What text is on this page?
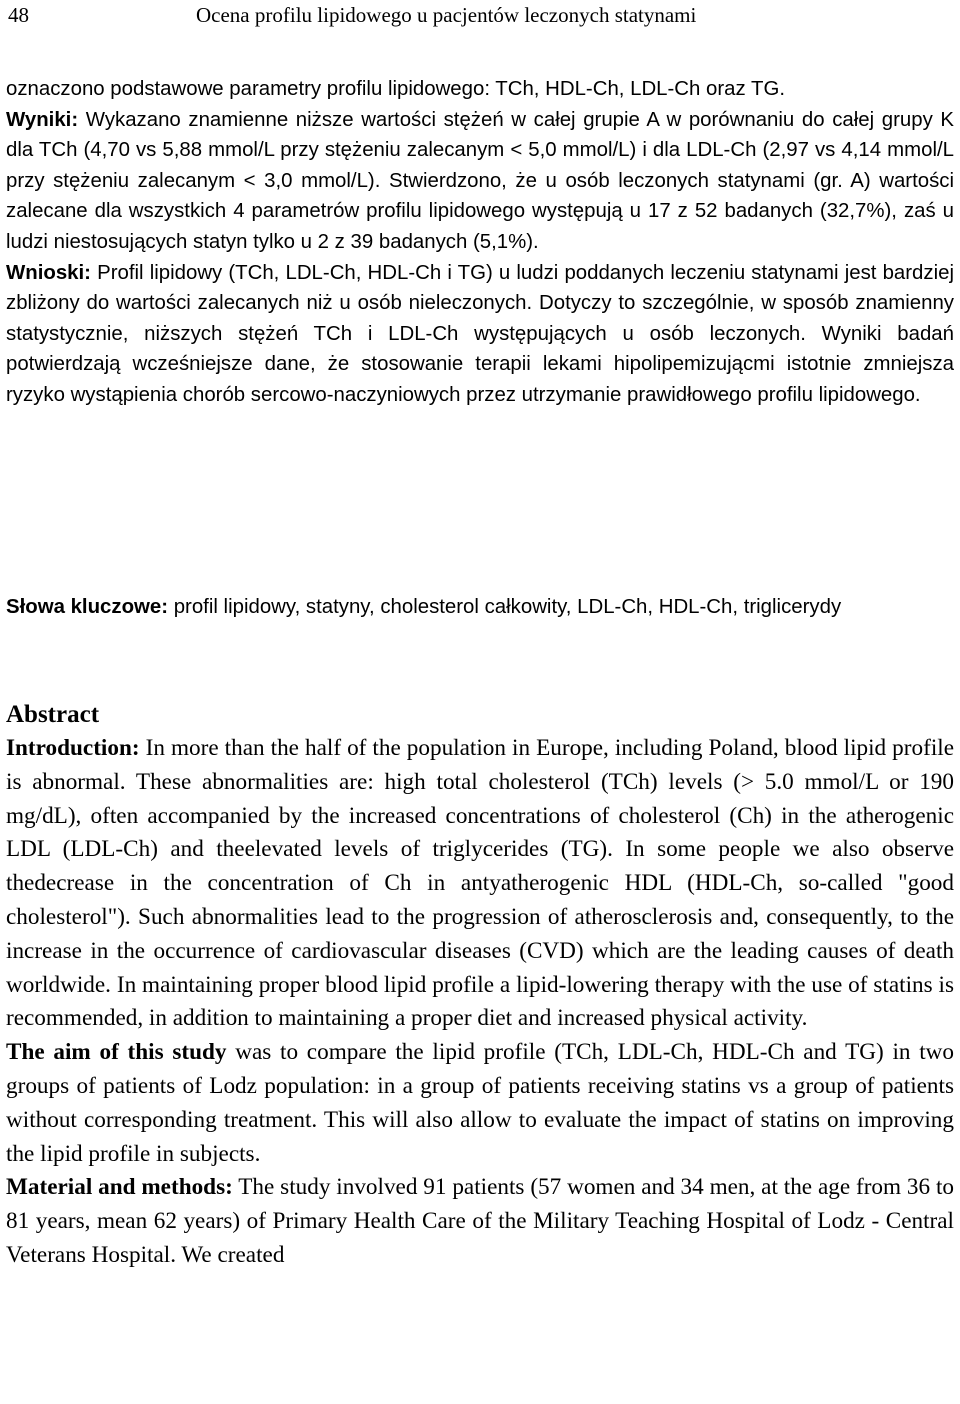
48	Ocena profilu lipidowego u pacjentów leczonych statynami

oznaczono podstawowe parametry profilu lipidowego: TCh, HDL-Ch, LDL-Ch oraz TG.

Wyniki: Wykazano znamienne niższe wartości stężeń w całej grupie A w porównaniu do całej grupy K dla TCh (4,70 vs 5,88 mmol/L przy stężeniu zalecanym < 5,0 mmol/L) i dla LDL-Ch (2,97 vs 4,14 mmol/L przy stężeniu zalecanym < 3,0 mmol/L). Stwierdzono, że u osób leczonych statynami (gr. A) wartości zalecane dla wszystkich 4 parametrów profilu lipidowego występują u 17 z 52 badanych (32,7%), zaś u ludzi niestosujących statyn tylko u 2 z 39 badanych (5,1%).

Wnioski: Profil lipidowy (TCh, LDL-Ch, HDL-Ch i TG) u ludzi poddanych leczeniu statynami jest bardziej zbliżony do wartości zalecanych niż u osób nieleczonych. Dotyczy to szczególnie, w sposób znamienny statystycznie, niższych stężeń TCh i LDL-Ch występujących u osób leczonych. Wyniki badań potwierdzają wcześniejsze dane, że stosowanie terapii lekami hipolipemizującmi istotnie zmniejsza ryzyko wystąpienia chorób sercowo-naczyniowych przez utrzymanie prawidłowego profilu lipidowego.

Słowa kluczowe: profil lipidowy, statyny, cholesterol całkowity, LDL-Ch, HDL-Ch, triglicerydy

Abstract

Introduction: In more than the half of the population in Europe, including Poland, blood lipid profile is abnormal. These abnormalities are: high total cholesterol (TCh) levels (> 5.0 mmol/L or 190 mg/dL), often accompanied by the increased concentrations of cholesterol (Ch) in the atherogenic LDL (LDL-Ch) and theelevated levels of triglycerides (TG). In some people we also observe thedecrease in the concentration of Ch in antyatherogenic HDL (HDL-Ch, so-called "good cholesterol"). Such abnormalities lead to the progression of atherosclerosis and, consequently, to the increase in the occurrence of cardiovascular diseases (CVD) which are the leading causes of death worldwide. In maintaining proper blood lipid profile a lipid-lowering therapy with the use of statins is recommended, in addition to maintaining a proper diet and increased physical activity.

The aim of this study was to compare the lipid profile (TCh, LDL-Ch, HDL-Ch and TG) in two groups of patients of Lodz population: in a group of patients receiving statins vs a group of patients without corresponding treatment. This will also allow to evaluate the impact of statins on improving the lipid profile in subjects.

Material and methods: The study involved 91 patients (57 women and 34 men, at the age from 36 to 81 years, mean 62 years) of Primary Health Care of the Military Teaching Hospital of Lodz - Central Veterans Hospital. We created
